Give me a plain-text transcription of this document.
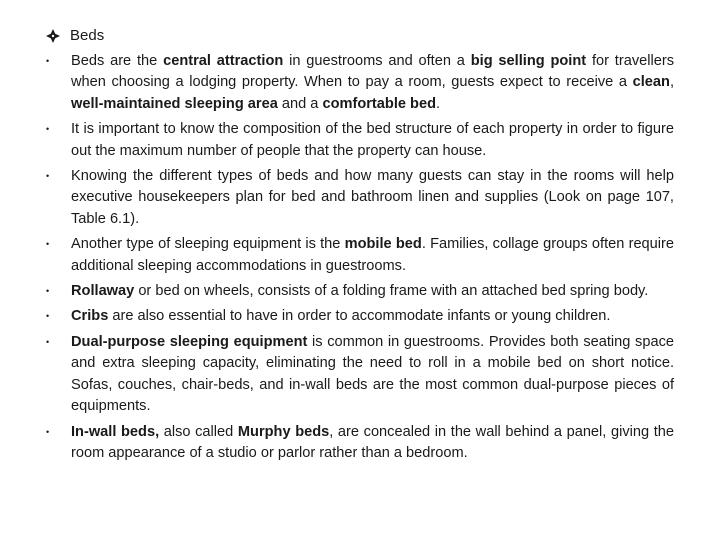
Beds
•	Beds are the central attraction in guestrooms and often a big selling point for travellers when choosing a lodging property. When to pay a room, guests expect to receive a clean, well-maintained sleeping area and a comfortable bed.
•	It is important to know the composition of the bed structure of each property in order to figure out the maximum number of people that the property can house.
•	Knowing the different types of beds and how many guests can stay in the rooms will help executive housekeepers plan for bed and bathroom linen and supplies (Look on page 107, Table 6.1).
•	Another type of sleeping equipment is the mobile bed. Families, collage groups often require additional sleeping accommodations in guestrooms.
•	Rollaway or bed on wheels, consists of a folding frame with an attached bed spring body.
•	Cribs are also essential to have in order to accommodate infants or young children.
•	Dual-purpose sleeping equipment is common in guestrooms. Provides both seating space and extra sleeping capacity, eliminating the need to roll in a mobile bed on short notice. Sofas, couches, chair-beds, and in-wall beds are the most common dual-purpose pieces of equipments.
•	In-wall beds, also called Murphy beds, are concealed in the wall behind a panel, giving the room appearance of a studio or parlor rather than a bedroom.
